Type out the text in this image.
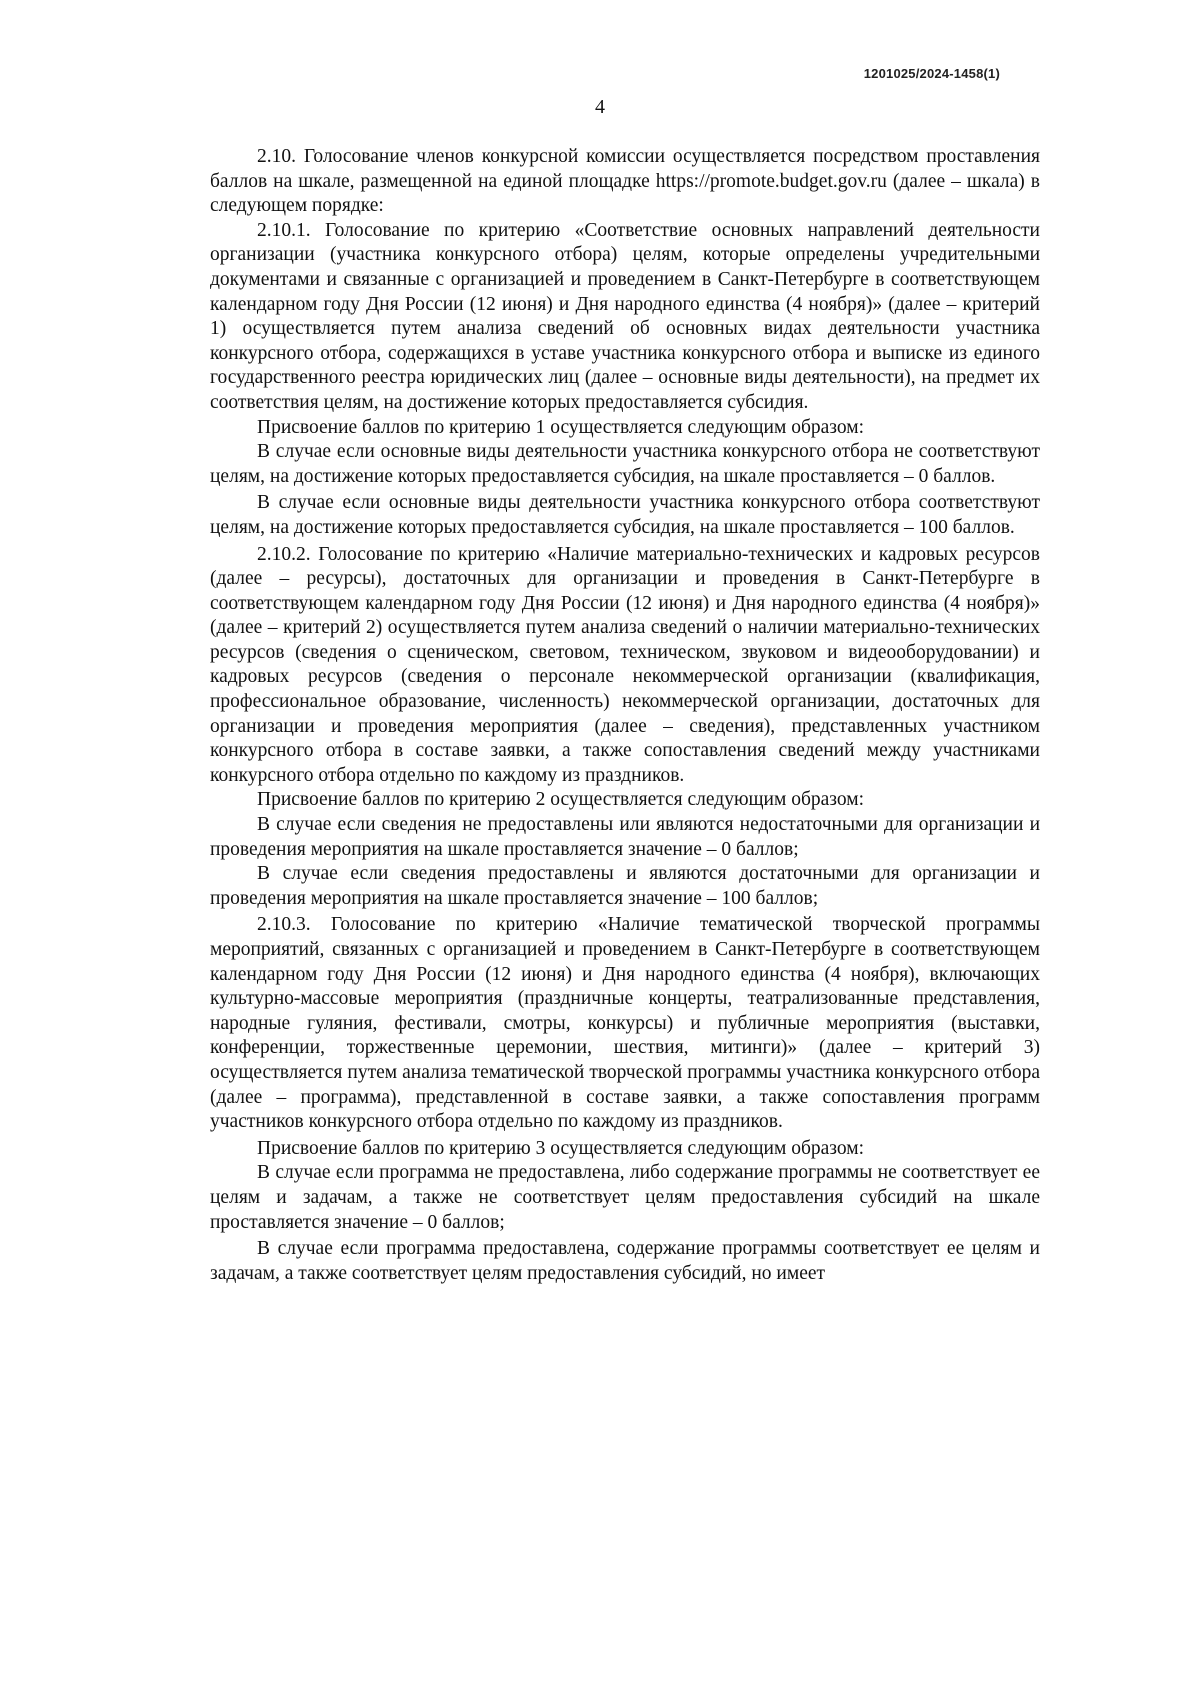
1201025/2024-1458(1)
4

2.10. Голосование членов конкурсной комиссии осуществляется посредством проставления баллов на шкале, размещенной на единой площадке https://promote.budget.gov.ru (далее – шкала) в следующем порядке:

2.10.1. Голосование по критерию «Соответствие основных направлений деятельности организации (участника конкурсного отбора) целям, которые определены учредительными документами и связанные с организацией и проведением в Санкт-Петербурге в соответствующем календарном году Дня России (12 июня) и Дня народного единства (4 ноября)» (далее – критерий 1) осуществляется путем анализа сведений об основных видах деятельности участника конкурсного отбора, содержащихся в уставе участника конкурсного отбора и выписке из единого государственного реестра юридических лиц (далее – основные виды деятельности), на предмет их соответствия целям, на достижение которых предоставляется субсидия.

Присвоение баллов по критерию 1 осуществляется следующим образом:

В случае если основные виды деятельности участника конкурсного отбора не соответствуют целям, на достижение которых предоставляется субсидия, на шкале проставляется – 0 баллов.

В случае если основные виды деятельности участника конкурсного отбора соответствуют целям, на достижение которых предоставляется субсидия, на шкале проставляется – 100 баллов.

2.10.2. Голосование по критерию «Наличие материально-технических и кадровых ресурсов (далее – ресурсы), достаточных для организации и проведения в Санкт-Петербурге в соответствующем календарном году Дня России (12 июня) и Дня народного единства (4 ноября)» (далее – критерий 2) осуществляется путем анализа сведений о наличии материально-технических ресурсов (сведения о сценическом, световом, техническом, звуковом и видеооборудовании) и кадровых ресурсов (сведения о персонале некоммерческой организации (квалификация, профессиональное образование, численность) некоммерческой организации, достаточных для организации и проведения мероприятия (далее – сведения), представленных участником конкурсного отбора в составе заявки, а также сопоставления сведений между участниками конкурсного отбора отдельно по каждому из праздников.

Присвоение баллов по критерию 2 осуществляется следующим образом:

В случае если сведения не предоставлены или являются недостаточными для организации и проведения мероприятия на шкале проставляется значение – 0 баллов;

В случае если сведения предоставлены и являются достаточными для организации и проведения мероприятия на шкале проставляется значение – 100 баллов;

2.10.3. Голосование по критерию «Наличие тематической творческой программы мероприятий, связанных с организацией и проведением в Санкт-Петербурге в соответствующем календарном году Дня России (12 июня) и Дня народного единства (4 ноября), включающих культурно-массовые мероприятия (праздничные концерты, театрализованные представления, народные гуляния, фестивали, смотры, конкурсы) и публичные мероприятия (выставки, конференции, торжественные церемонии, шествия, митинги)» (далее – критерий 3) осуществляется путем анализа тематической творческой программы участника конкурсного отбора (далее – программа), представленной в составе заявки, а также сопоставления программ участников конкурсного отбора отдельно по каждому из праздников.

Присвоение баллов по критерию 3 осуществляется следующим образом:

В случае если программа не предоставлена, либо содержание программы не соответствует ее целям и задачам, а также не соответствует целям предоставления субсидий на шкале проставляется значение – 0 баллов;

В случае если программа предоставлена, содержание программы соответствует ее целям и задачам, а также соответствует целям предоставления субсидий, но имеет
